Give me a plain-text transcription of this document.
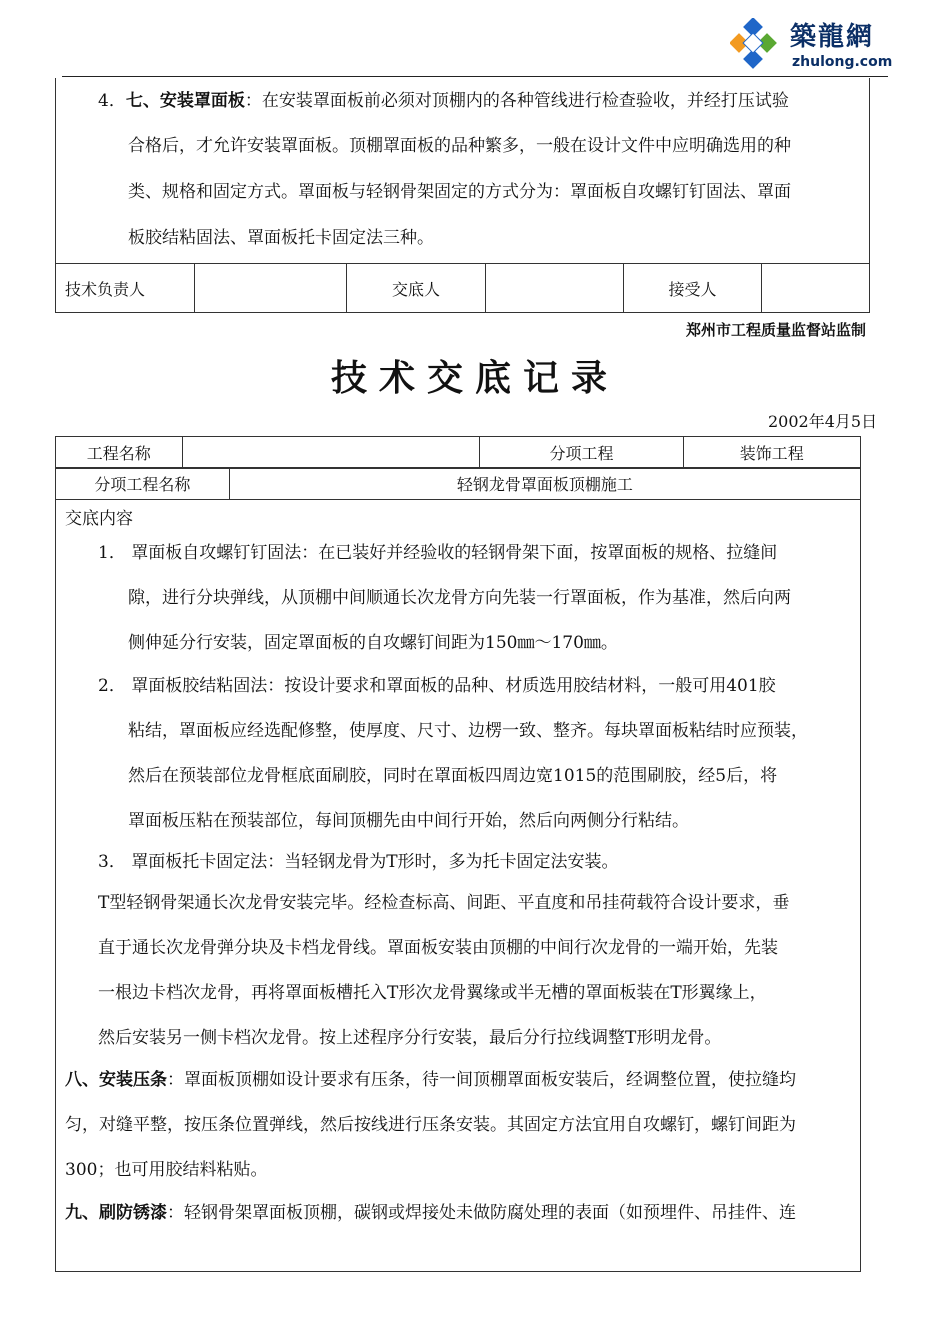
築龍網
zhulong.com
4．七、安装罩面板：在安装罩面板前必须对顶棚内的各种管线进行检查验收，并经打压试验
合格后，才允许安装罩面板。顶棚罩面板的品种繁多，一般在设计文件中应明确选用的种
类、规格和固定方式。罩面板与轻钢骨架固定的方式分为：罩面板自攻螺钉钉固法、罩面
板胶结粘固法、罩面板托卡固定法三种。
技术负责人	交底人	接受人
郑州市工程质量监督站监制
技术交底记录
2002年4月5日
工程名称		分项工程	装饰工程
分项工程名称	轻钢龙骨罩面板顶棚施工
交底内容
1． 罩面板自攻螺钉钉固法：在已装好并经验收的轻钢骨架下面，按罩面板的规格、拉缝间
隙，进行分块弹线，从顶棚中间顺通长次龙骨方向先装一行罩面板，作为基准，然后向两
侧伸延分行安装，固定罩面板的自攻螺钉间距为150㎜～170㎜。
2． 罩面板胶结粘固法：按设计要求和罩面板的品种、材质选用胶结材料，一般可用401胶
粘结，罩面板应经选配修整，使厚度、尺寸、边楞一致、整齐。每块罩面板粘结时应预装，
然后在预装部位龙骨框底面刷胶，同时在罩面板四周边宽1015的范围刷胶，经5后，将
罩面板压粘在预装部位，每间顶棚先由中间行开始，然后向两侧分行粘结。
3． 罩面板托卡固定法：当轻钢龙骨为T形时，多为托卡固定法安装。
T型轻钢骨架通长次龙骨安装完毕。经检查标高、间距、平直度和吊挂荷载符合设计要求，垂
直于通长次龙骨弹分块及卡档龙骨线。罩面板安装由顶棚的中间行次龙骨的一端开始，先装
一根边卡档次龙骨，再将罩面板槽托入T形次龙骨翼缘或半无槽的罩面板装在T形翼缘上，
然后安装另一侧卡档次龙骨。按上述程序分行安装，最后分行拉线调整T形明龙骨。
八、安装压条：罩面板顶棚如设计要求有压条，待一间顶棚罩面板安装后，经调整位置，使拉缝均
匀，对缝平整，按压条位置弹线，然后按线进行压条安装。其固定方法宜用自攻螺钉，螺钉间距为
300；也可用胶结料粘贴。
九、刷防锈漆：轻钢骨架罩面板顶棚，碳钢或焊接处未做防腐处理的表面（如预埋件、吊挂件、连
